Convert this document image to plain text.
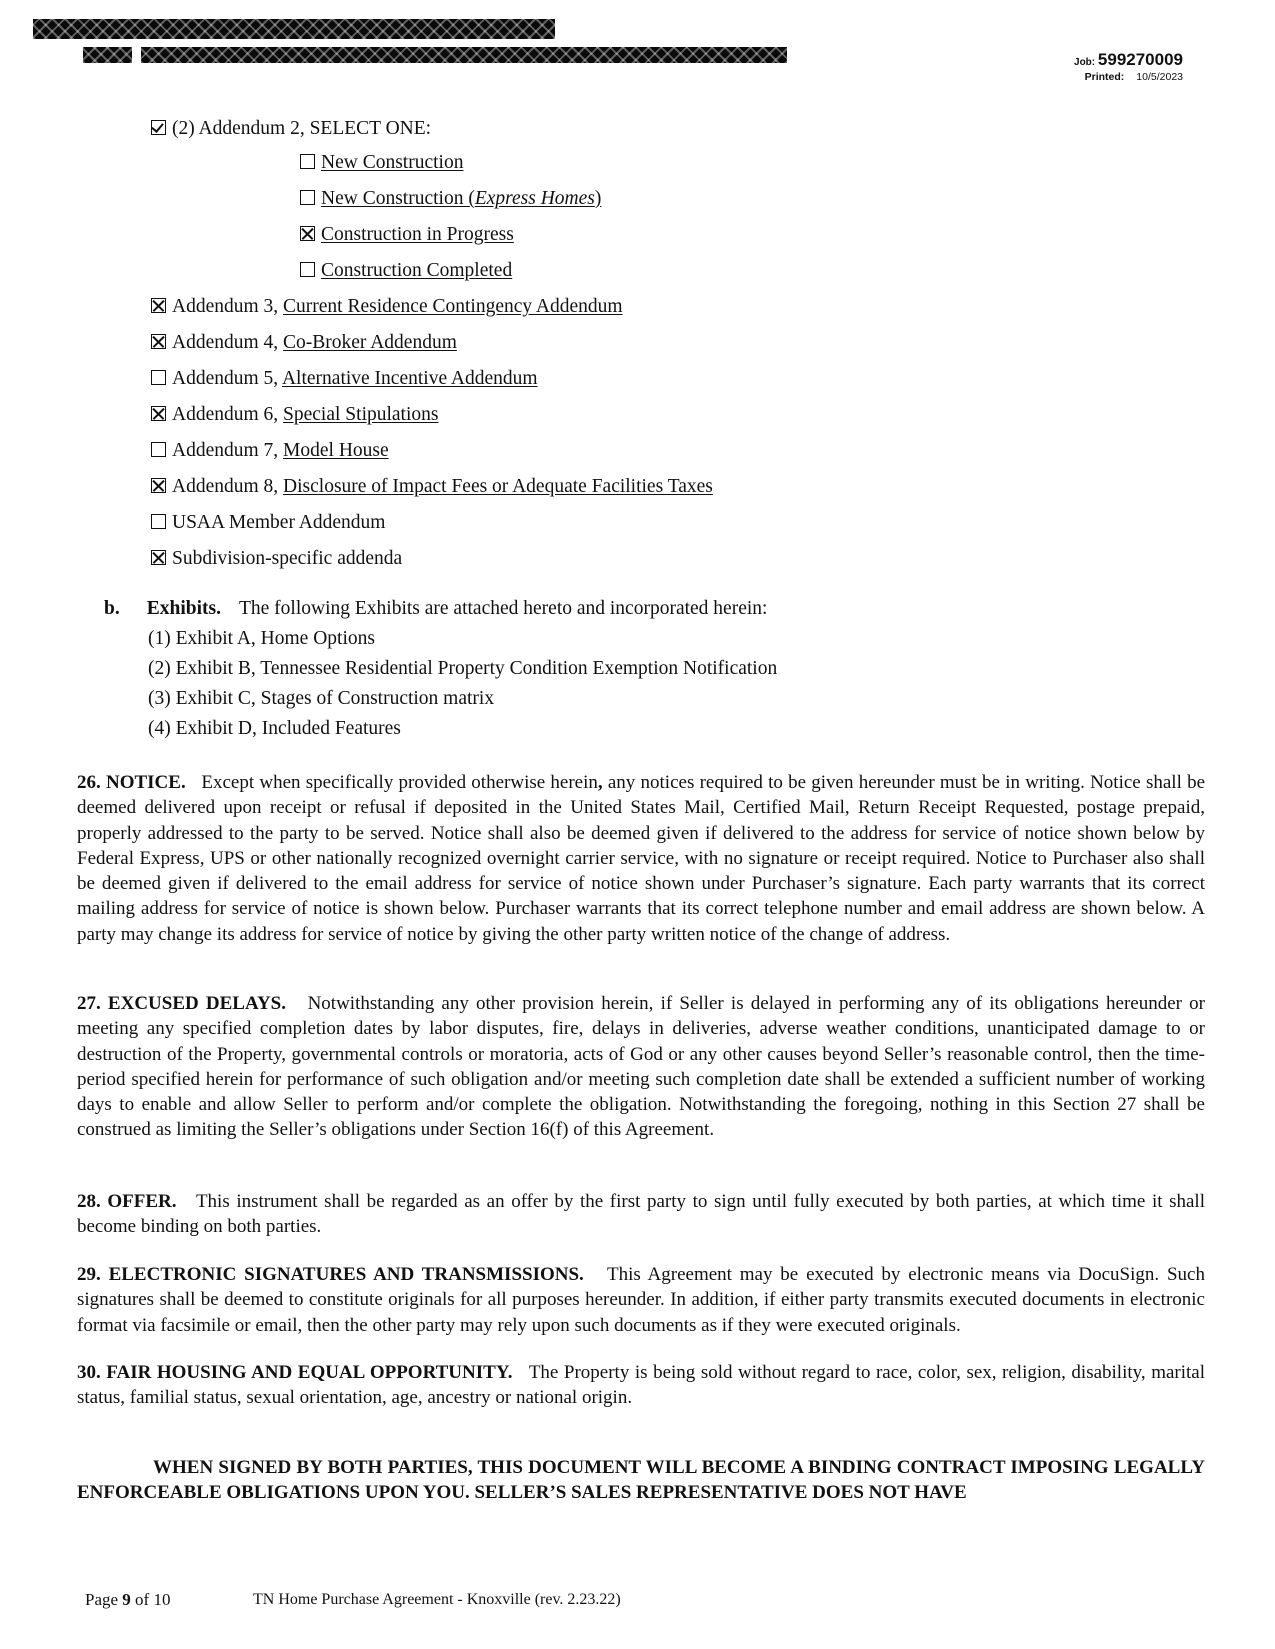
Job: 599270009
Printed: 10/5/2023
(2) Addendum 2, SELECT ONE:
New Construction
New Construction (Express Homes)
Construction in Progress
Construction Completed
Addendum 3, Current Residence Contingency Addendum
Addendum 4, Co-Broker Addendum
Addendum 5, Alternative Incentive Addendum
Addendum 6, Special Stipulations
Addendum 7, Model House
Addendum 8, Disclosure of Impact Fees or Adequate Facilities Taxes
USAA Member Addendum
Subdivision-specific addenda
b. Exhibits. The following Exhibits are attached hereto and incorporated herein:
(1) Exhibit A, Home Options
(2) Exhibit B, Tennessee Residential Property Condition Exemption Notification
(3) Exhibit C, Stages of Construction matrix
(4) Exhibit D, Included Features
26. NOTICE. Except when specifically provided otherwise herein, any notices required to be given hereunder must be in writing. Notice shall be deemed delivered upon receipt or refusal if deposited in the United States Mail, Certified Mail, Return Receipt Requested, postage prepaid, properly addressed to the party to be served. Notice shall also be deemed given if delivered to the address for service of notice shown below by Federal Express, UPS or other nationally recognized overnight carrier service, with no signature or receipt required. Notice to Purchaser also shall be deemed given if delivered to the email address for service of notice shown under Purchaser’s signature. Each party warrants that its correct mailing address for service of notice is shown below. Purchaser warrants that its correct telephone number and email address are shown below. A party may change its address for service of notice by giving the other party written notice of the change of address.
27. EXCUSED DELAYS. Notwithstanding any other provision herein, if Seller is delayed in performing any of its obligations hereunder or meeting any specified completion dates by labor disputes, fire, delays in deliveries, adverse weather conditions, unanticipated damage to or destruction of the Property, governmental controls or moratoria, acts of God or any other causes beyond Seller’s reasonable control, then the time-period specified herein for performance of such obligation and/or meeting such completion date shall be extended a sufficient number of working days to enable and allow Seller to perform and/or complete the obligation. Notwithstanding the foregoing, nothing in this Section 27 shall be construed as limiting the Seller’s obligations under Section 16(f) of this Agreement.
28. OFFER. This instrument shall be regarded as an offer by the first party to sign until fully executed by both parties, at which time it shall become binding on both parties.
29. ELECTRONIC SIGNATURES AND TRANSMISSIONS. This Agreement may be executed by electronic means via DocuSign. Such signatures shall be deemed to constitute originals for all purposes hereunder. In addition, if either party transmits executed documents in electronic format via facsimile or email, then the other party may rely upon such documents as if they were executed originals.
30. FAIR HOUSING AND EQUAL OPPORTUNITY. The Property is being sold without regard to race, color, sex, religion, disability, marital status, familial status, sexual orientation, age, ancestry or national origin.
WHEN SIGNED BY BOTH PARTIES, THIS DOCUMENT WILL BECOME A BINDING CONTRACT IMPOSING LEGALLY ENFORCEABLE OBLIGATIONS UPON YOU. SELLER’S SALES REPRESENTATIVE DOES NOT HAVE
Page 9 of 10	TN Home Purchase Agreement - Knoxville (rev. 2.23.22)
